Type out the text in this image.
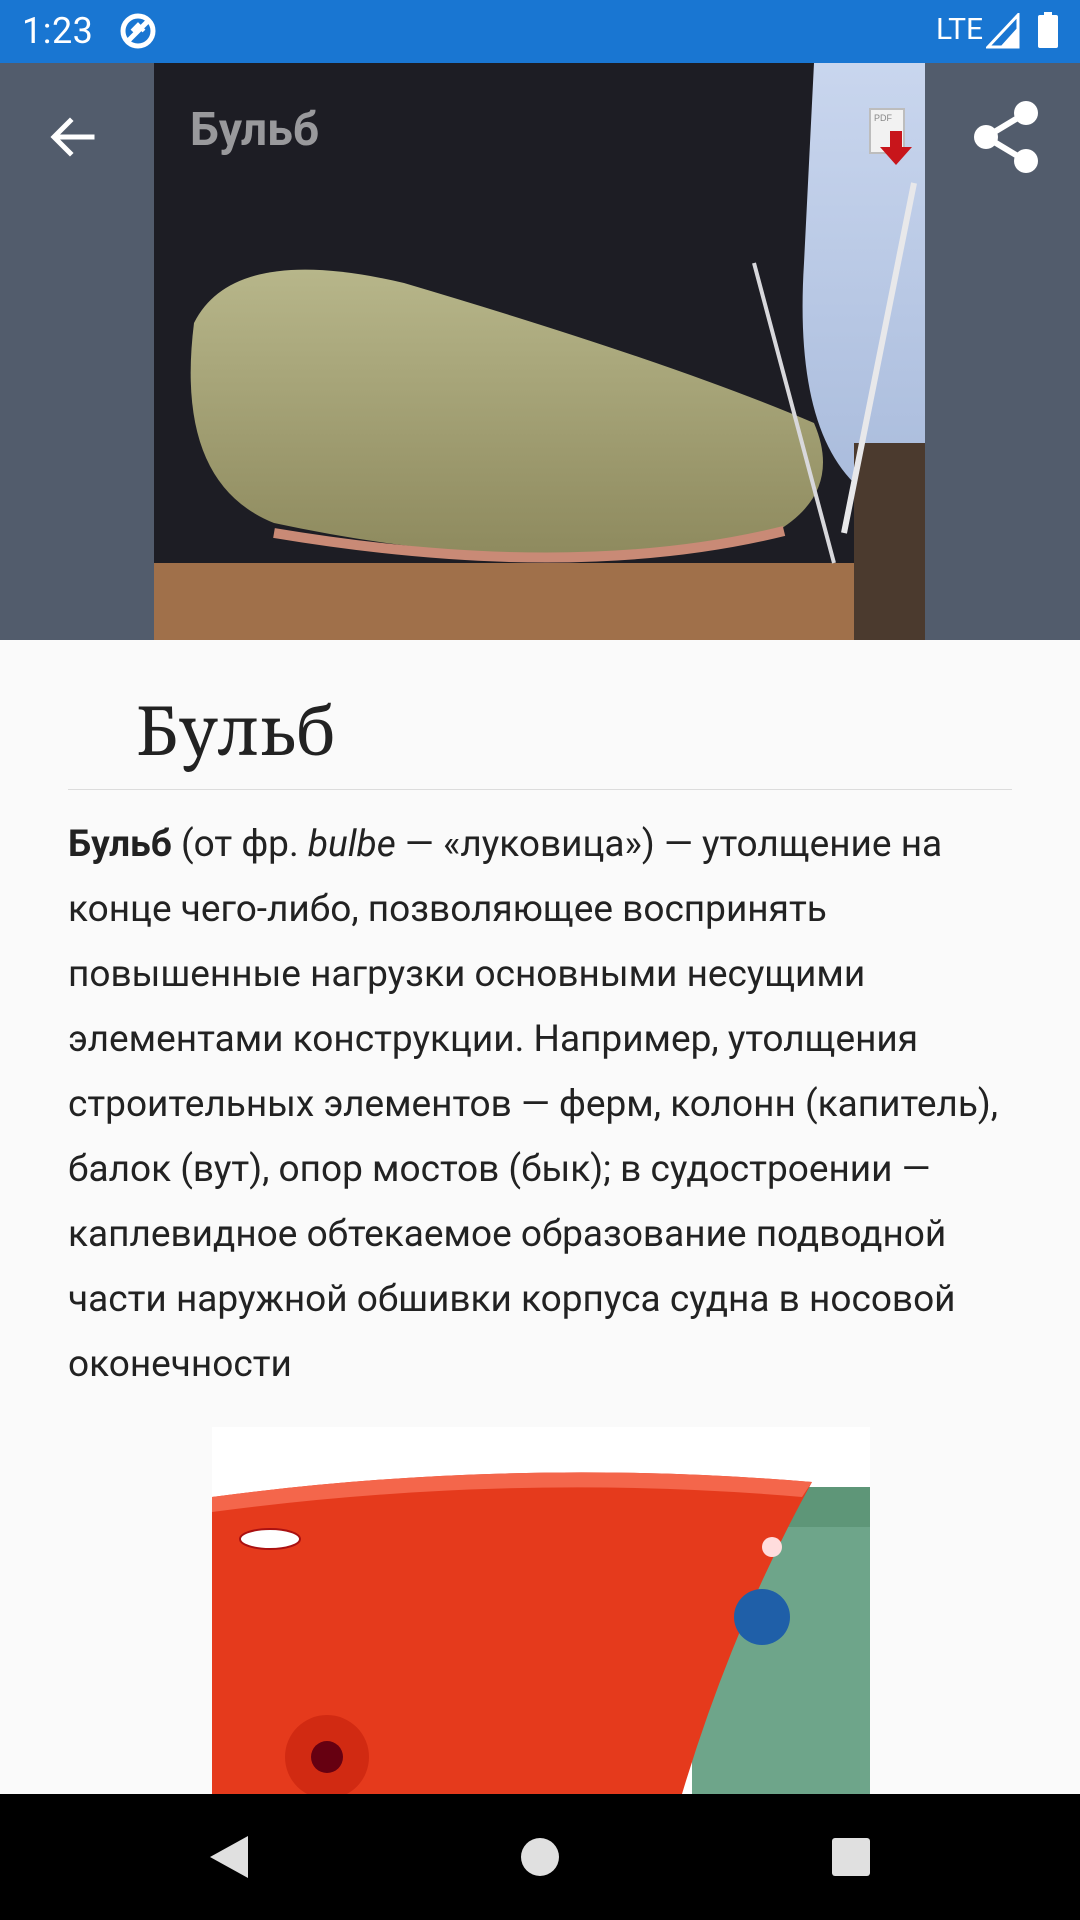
1:23	LTE
Бульб	PDF
Бульб

Бульб (от фр. bulbe — «луковица») — утолщение на конце чего-либо, позволяющее воспринять повышенные нагрузки основными несущими элементами конструкции. Например, утолщения строительных элементов — ферм, колонн (капитель), балок (вут), опор мостов (бык); в судостроении — каплевидное обтекаемое образование подводной части наружной обшивки корпуса судна в носовой оконечности
